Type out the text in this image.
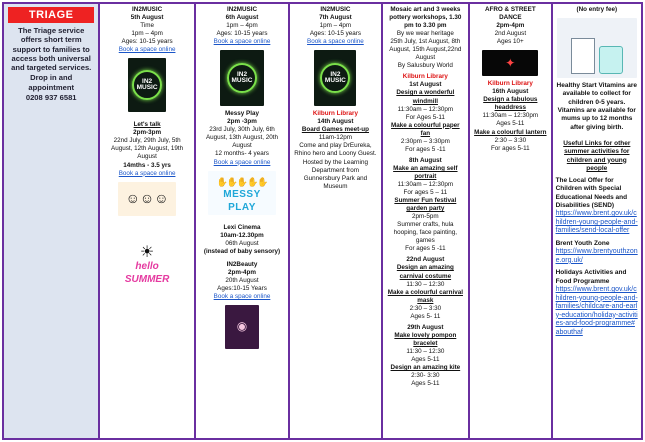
TRIAGE
The Triage service offers short term support to families to access both universal and targeted services.
Drop in and appointment
0208 937 6581
IN2MUSIC
5th August
Time
1pm – 4pm
Ages: 10-15 years
Book a space online
IN2 MUSIC
Let's talk
2pm-3pm
22nd July, 29th July, 5th August, 12th August, 19th August
14mths - 3.5 yrs
Book a space online
☺☺☺
☀
hello SUMMER
IN2MUSIC
6th August
1pm – 4pm
Ages: 10-15 years
Book a space online
IN2 MUSIC
Messy Play
2pm -3pm
23rd July, 30th July, 6th August, 13th August, 20th August
12 months- 4 years
Book a space online
✋✋✋✋✋
MESSY PLAY
Lexi Cinema
10am-12.30pm
06th August
(instead of baby sensory)
IN2Beauty
2pm-4pm
20th August
Ages:10-15 Years
Book a space online
◉
IN2MUSIC
7th August
1pm – 4pm
Ages: 10-15 years
Book a space online
IN2 MUSIC
Kilburn Library
14th August
Board Games meet-up
11am-12pm
Come and play DrEureka, Rhino hero and Loony Guest. Hosted by the Learning Department from Gunnersbury Park and Museum
Mosaic art and 3 weeks pottery workshops, 1.30 pm to 3.30 pm
By we wear heritage
25th July, 1st August, 8th August, 15th August,22nd August
By Salusbury World
Kilburn Library
1st August
Design a wonderful windmill
11:30am – 12:30pm
For Ages 5-11
Make a colourful paper fan
2:30pm – 3:30pm
For ages 5 -11
8th August
Make an amazing self portrait
11:30am – 12:30pm
For ages 5 – 11
Summer Fun festival garden party
2pm-5pm
Summer crafts, hula hooping, face painting, games
For ages 5 -11
22nd August
Design an amazing carnival costume
11:30 – 12:30
Make a colourful carnival mask
2:30 – 3:30
Ages 5- 11
29th August
Make lovely pompon bracelet
11:30 – 12:30
Ages 5-11
Design an amazing kite
2:30- 3:30
Ages 5-11
AFRO & STREET DANCE
2pm-4pm
2nd August
Ages 10+
✦
Kilburn Library
16th August
Design a fabulous headdress
11:30am – 12:30pm
Ages 5-11
Make a colourful lantern
2:30 – 3:30
For ages 5-11
(No entry fee)
Healthy Start Vitamins are available to collect for children 0-5 years. Vitamins are available for mums up to 12 months after giving birth.
Useful Links for other summer activities for children and young people
The Local Offer for Children with Special Educational Needs and Disabilities (SEND)
https://www.brent.gov.uk/children-young-people-and-families/send-local-offer
Brent Youth Zone
https://www.brentyouthzone.org.uk/
Holidays Activities and Food Programme
https://www.brent.gov.uk/children-young-people-and-families/childcare-and-early-education/holiday-activities-and-food-programme#abouthaf
